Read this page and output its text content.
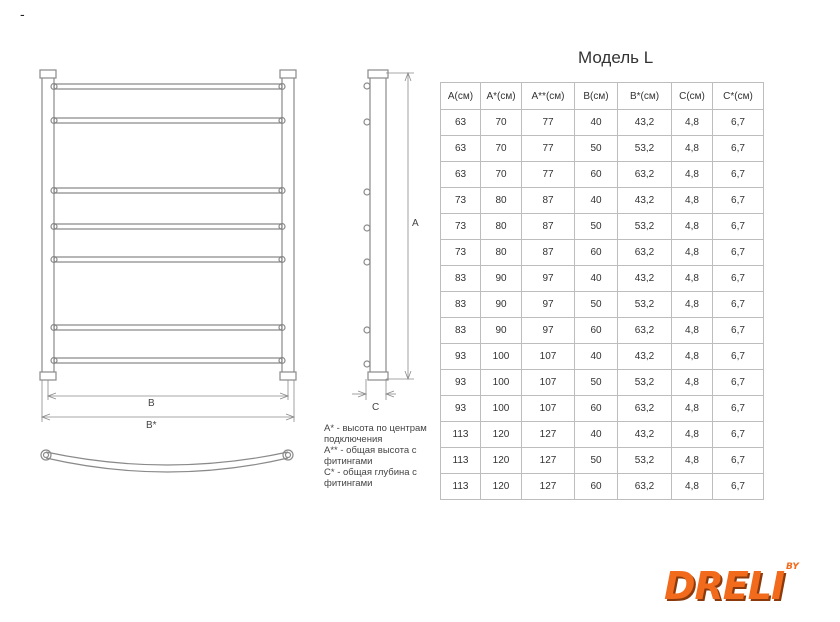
-
Модель L
B
B*
A
C

A* - высота по центрам подключения

A** - общая высота с фитингами

C* - общая глубина с фитингами

A(см)	A*(см)	A**(см)	B(см)	B*(см)	C(см)	C*(см)
63	70	77	40	43,2	4,8	6,7
63	70	77	50	53,2	4,8	6,7
63	70	77	60	63,2	4,8	6,7
73	80	87	40	43,2	4,8	6,7
73	80	87	50	53,2	4,8	6,7
73	80	87	60	63,2	4,8	6,7
83	90	97	40	43,2	4,8	6,7
83	90	97	50	53,2	4,8	6,7
83	90	97	60	63,2	4,8	6,7
93	100	107	40	43,2	4,8	6,7
93	100	107	50	53,2	4,8	6,7
93	100	107	60	63,2	4,8	6,7
113	120	127	40	43,2	4,8	6,7
113	120	127	50	53,2	4,8	6,7
113	120	127	60	63,2	4,8	6,7
DRELI BY
